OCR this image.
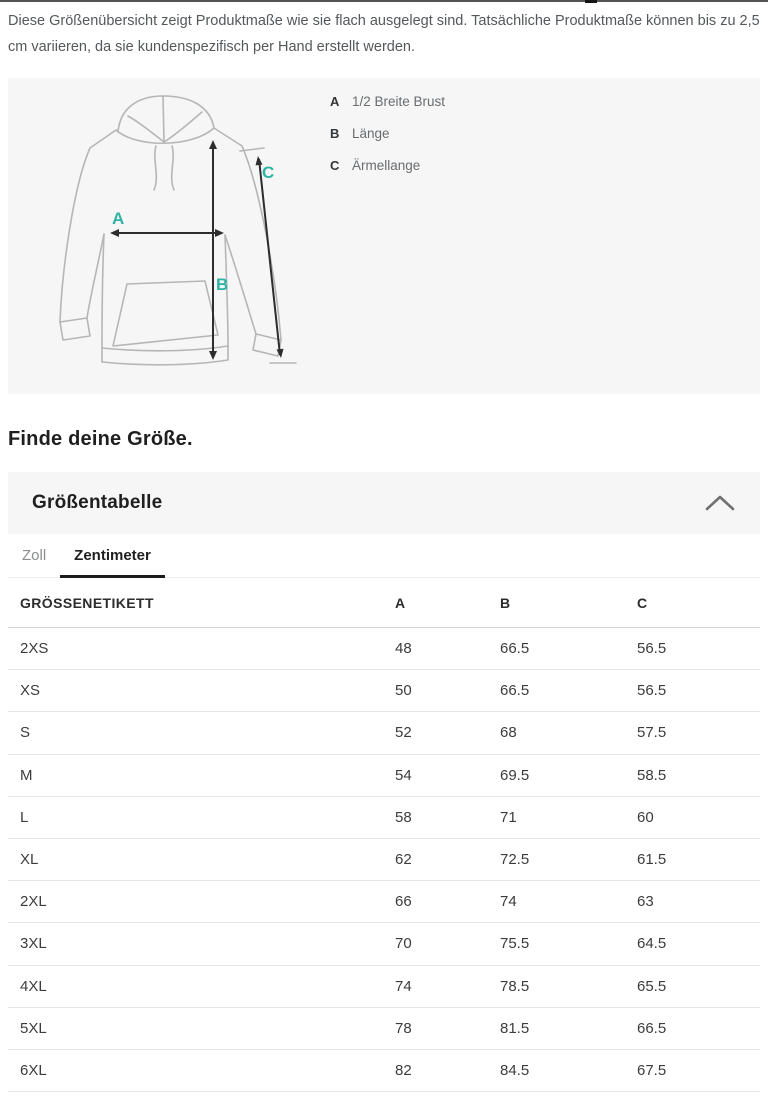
Diese Größenübersicht zeigt Produktmaße wie sie flach ausgelegt sind. Tatsächliche Produktmaße können bis zu 2,5 cm variieren, da sie kundenspezifisch per Hand erstellt werden.

A
B
C
A 1/2 Breite Brust
B Länge
C Ärmellange
Finde deine Größe.
Größentabelle
Zoll	Zentimeter
GRÖSSENETIKETT	A	B	C
2XS	48	66.5	56.5
XS	50	66.5	56.5
S	52	68	57.5
M	54	69.5	58.5
L	58	71	60
XL	62	72.5	61.5
2XL	66	74	63
3XL	70	75.5	64.5
4XL	74	78.5	65.5
5XL	78	81.5	66.5
6XL	82	84.5	67.5
